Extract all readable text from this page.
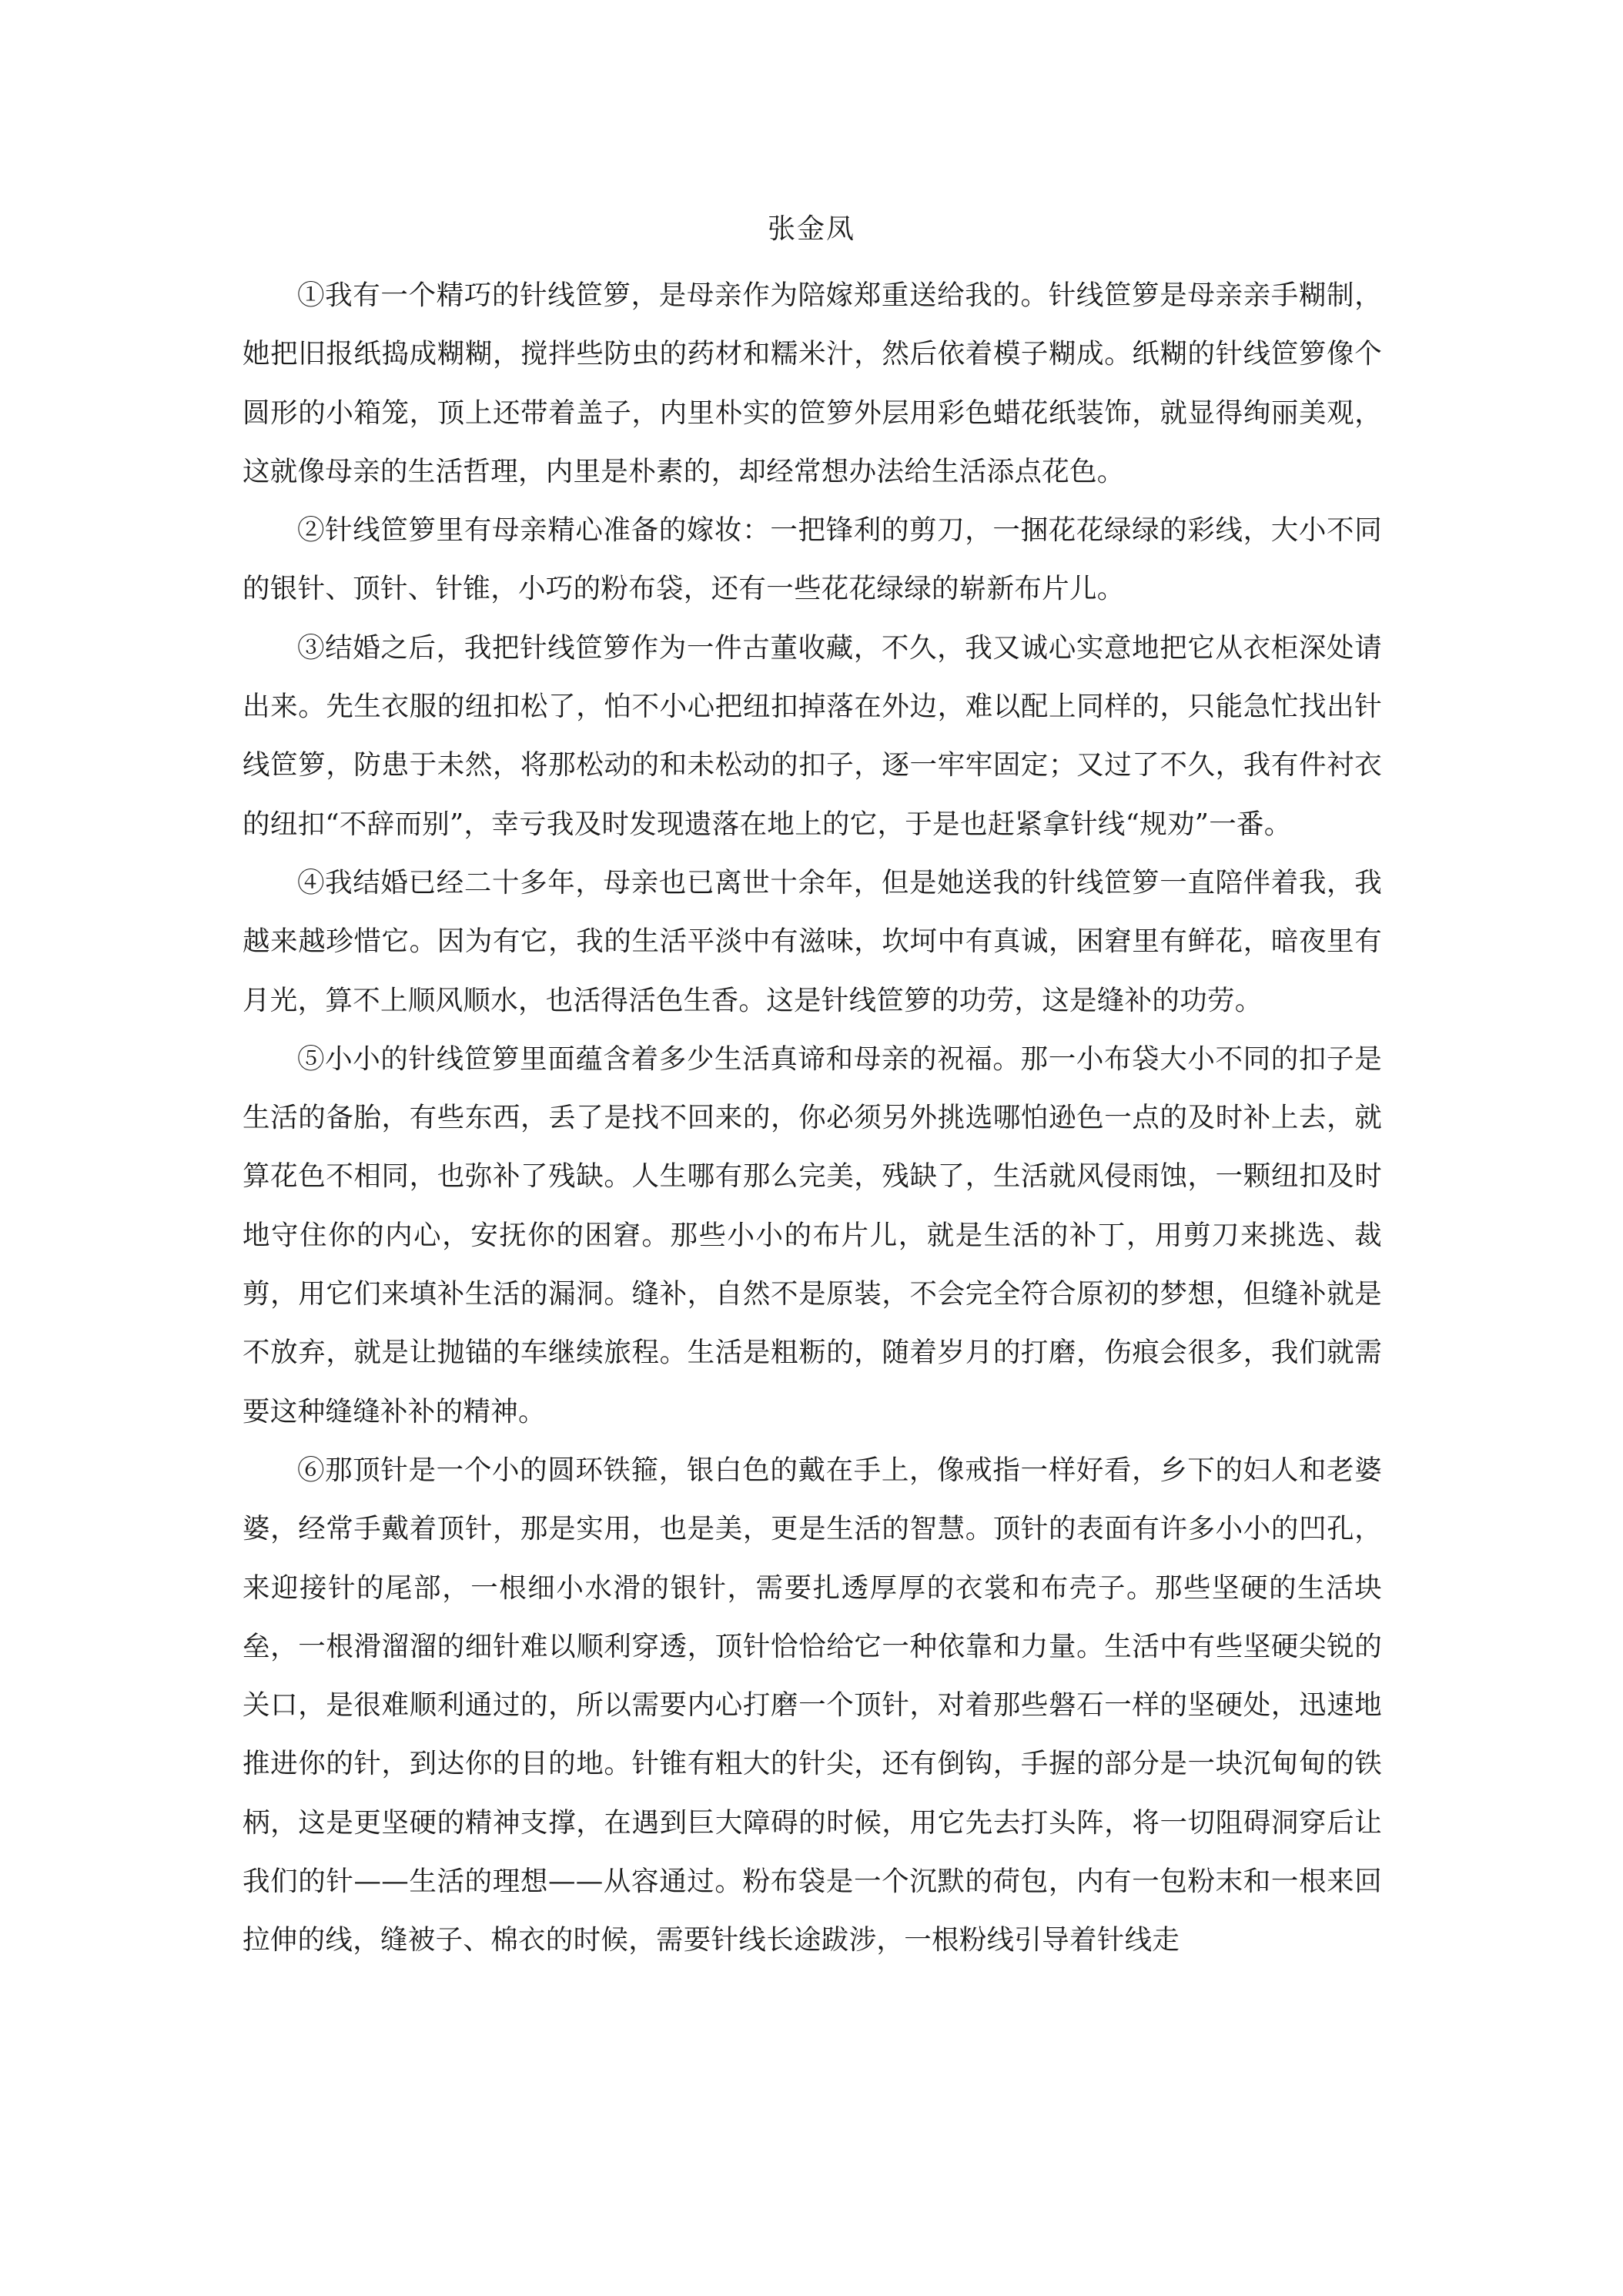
张金凤

①我有一个精巧的针线笸箩，是母亲作为陪嫁郑重送给我的。针线笸箩是母亲亲手糊制，她把旧报纸捣成糊糊，搅拌些防虫的药材和糯米汁，然后依着模子糊成。纸糊的针线笸箩像个圆形的小箱笼，顶上还带着盖子，内里朴实的笸箩外层用彩色蜡花纸装饰，就显得绚丽美观，这就像母亲的生活哲理，内里是朴素的，却经常想办法给生活添点花色。

②针线笸箩里有母亲精心准备的嫁妆：一把锋利的剪刀，一捆花花绿绿的彩线，大小不同的银针、顶针、针锥，小巧的粉布袋，还有一些花花绿绿的崭新布片儿。

③结婚之后，我把针线笸箩作为一件古董收藏，不久，我又诚心实意地把它从衣柜深处请出来。先生衣服的纽扣松了，怕不小心把纽扣掉落在外边，难以配上同样的，只能急忙找出针线笸箩，防患于未然，将那松动的和未松动的扣子，逐一牢牢固定；又过了不久，我有件衬衣的纽扣“不辞而别”，幸亏我及时发现遗落在地上的它，于是也赶紧拿针线“规劝”一番。

④我结婚已经二十多年，母亲也已离世十余年，但是她送我的针线笸箩一直陪伴着我，我越来越珍惜它。因为有它，我的生活平淡中有滋味，坎坷中有真诚，困窘里有鲜花，暗夜里有月光，算不上顺风顺水，也活得活色生香。这是针线笸箩的功劳，这是缝补的功劳。

⑤小小的针线笸箩里面蕴含着多少生活真谛和母亲的祝福。那一小布袋大小不同的扣子是生活的备胎，有些东西，丢了是找不回来的，你必须另外挑选哪怕逊色一点的及时补上去，就算花色不相同，也弥补了残缺。人生哪有那么完美，残缺了，生活就风侵雨蚀，一颗纽扣及时地守住你的内心，安抚你的困窘。那些小小的布片儿，就是生活的补丁，用剪刀来挑选、裁剪，用它们来填补生活的漏洞。缝补，自然不是原装，不会完全符合原初的梦想，但缝补就是不放弃，就是让抛锚的车继续旅程。生活是粗粝的，随着岁月的打磨，伤痕会很多，我们就需要这种缝缝补补的精神。

⑥那顶针是一个小的圆环铁箍，银白色的戴在手上，像戒指一样好看，乡下的妇人和老婆婆，经常手戴着顶针，那是实用，也是美，更是生活的智慧。顶针的表面有许多小小的凹孔，来迎接针的尾部，一根细小水滑的银针，需要扎透厚厚的衣裳和布壳子。那些坚硬的生活块垒，一根滑溜溜的细针难以顺利穿透，顶针恰恰给它一种依靠和力量。生活中有些坚硬尖锐的关口，是很难顺利通过的，所以需要内心打磨一个顶针，对着那些磐石一样的坚硬处，迅速地推进你的针，到达你的目的地。针锥有粗大的针尖，还有倒钩，手握的部分是一块沉甸甸的铁柄，这是更坚硬的精神支撑，在遇到巨大障碍的时候，用它先去打头阵，将一切阻碍洞穿后让我们的针——生活的理想——从容通过。粉布袋是一个沉默的荷包，内有一包粉末和一根来回拉伸的线，缝被子、棉衣的时候，需要针线长途跋涉，一根粉线引导着针线走
